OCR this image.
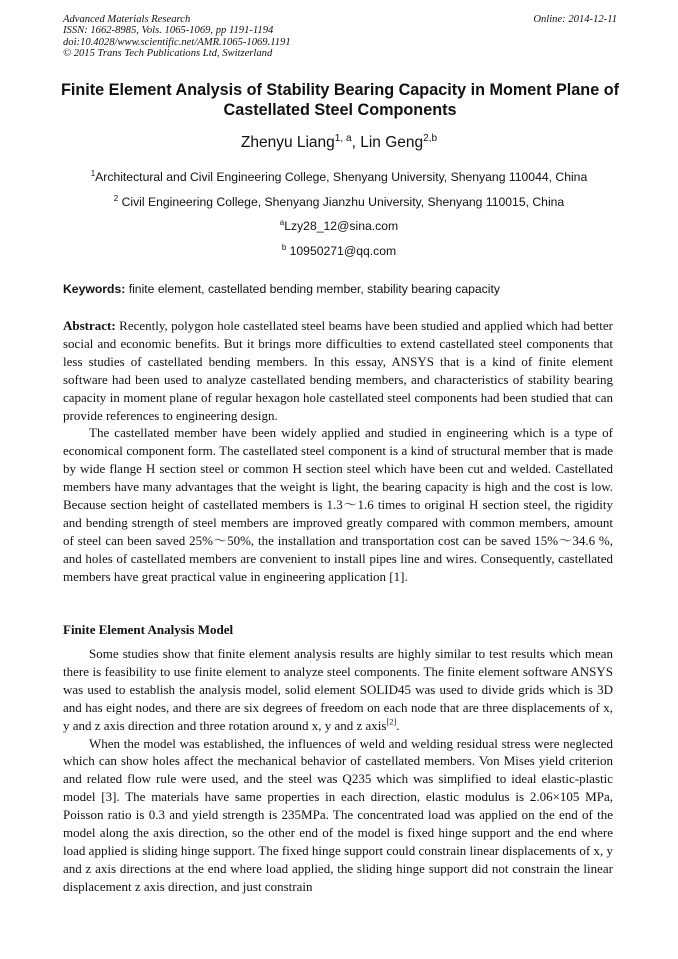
Advanced Materials Research
ISSN: 1662-8985, Vols. 1065-1069, pp 1191-1194
doi:10.4028/www.scientific.net/AMR.1065-1069.1191
© 2015 Trans Tech Publications Ltd, Switzerland
Online: 2014-12-11
Finite Element Analysis of Stability Bearing Capacity in Moment Plane of Castellated Steel Components
Zhenyu Liang$^{1, a}$, Lin Geng$^{2,b}$
$^1$Architectural and Civil Engineering College, Shenyang University, Shenyang 110044, China
$^2$ Civil Engineering College, Shenyang Jianzhu University, Shenyang 110015, China
$^a$Lzy28_12@sina.com
$^b$ 10950271@qq.com
Keywords: finite element, castellated bending member, stability bearing capacity

Abstract: Recently, polygon hole castellated steel beams have been studied and applied which had better social and economic benefits. But it brings more difficulties to extend castellated steel components that less studies of castellated bending members. In this essay, ANSYS that is a kind of finite element software had been used to analyze castellated bending members, and characteristics of stability bearing capacity in moment plane of regular hexagon hole castellated steel components had been studied that can provide references to engineering design.

The castellated member have been widely applied and studied in engineering which is a type of economical component form. The castellated steel component is a kind of structural member that is made by wide flange H section steel or common H section steel which have been cut and welded. Castellated members have many advantages that the weight is light, the bearing capacity is high and the cost is low. Because section height of castellated members is 1.3～1.6 times to original H section steel, the rigidity and bending strength of steel members are improved greatly compared with common members, amount of steel can been saved 25%～50%, the installation and transportation cost can be saved 15%～34.6 %, and holes of castellated members are convenient to install pipes line and wires. Consequently, castellated members have great practical value in engineering application [1].

Finite Element Analysis Model

Some studies show that finite element analysis results are highly similar to test results which mean there is feasibility to use finite element to analyze steel components. The finite element software ANSYS was used to establish the analysis model, solid element SOLID45 was used to divide grids which is 3D and has eight nodes, and there are six degrees of freedom on each node that are three displacements of x, y and z axis direction and three rotation around x, y and z axis[2].

When the model was established, the influences of weld and welding residual stress were neglected which can show holes affect the mechanical behavior of castellated members. Von Mises yield criterion and related flow rule were used, and the steel was Q235 which was simplified to ideal elastic-plastic model [3]. The materials have same properties in each direction, elastic modulus is 2.06×105 MPa, Poisson ratio is 0.3 and yield strength is 235MPa. The concentrated load was applied on the end of the model along the axis direction, so the other end of the model is fixed hinge support and the end where load applied is sliding hinge support. The fixed hinge support could constrain linear displacements of x, y and z axis directions at the end where load applied, the sliding hinge support did not constrain the linear displacement z axis direction, and just constrain
